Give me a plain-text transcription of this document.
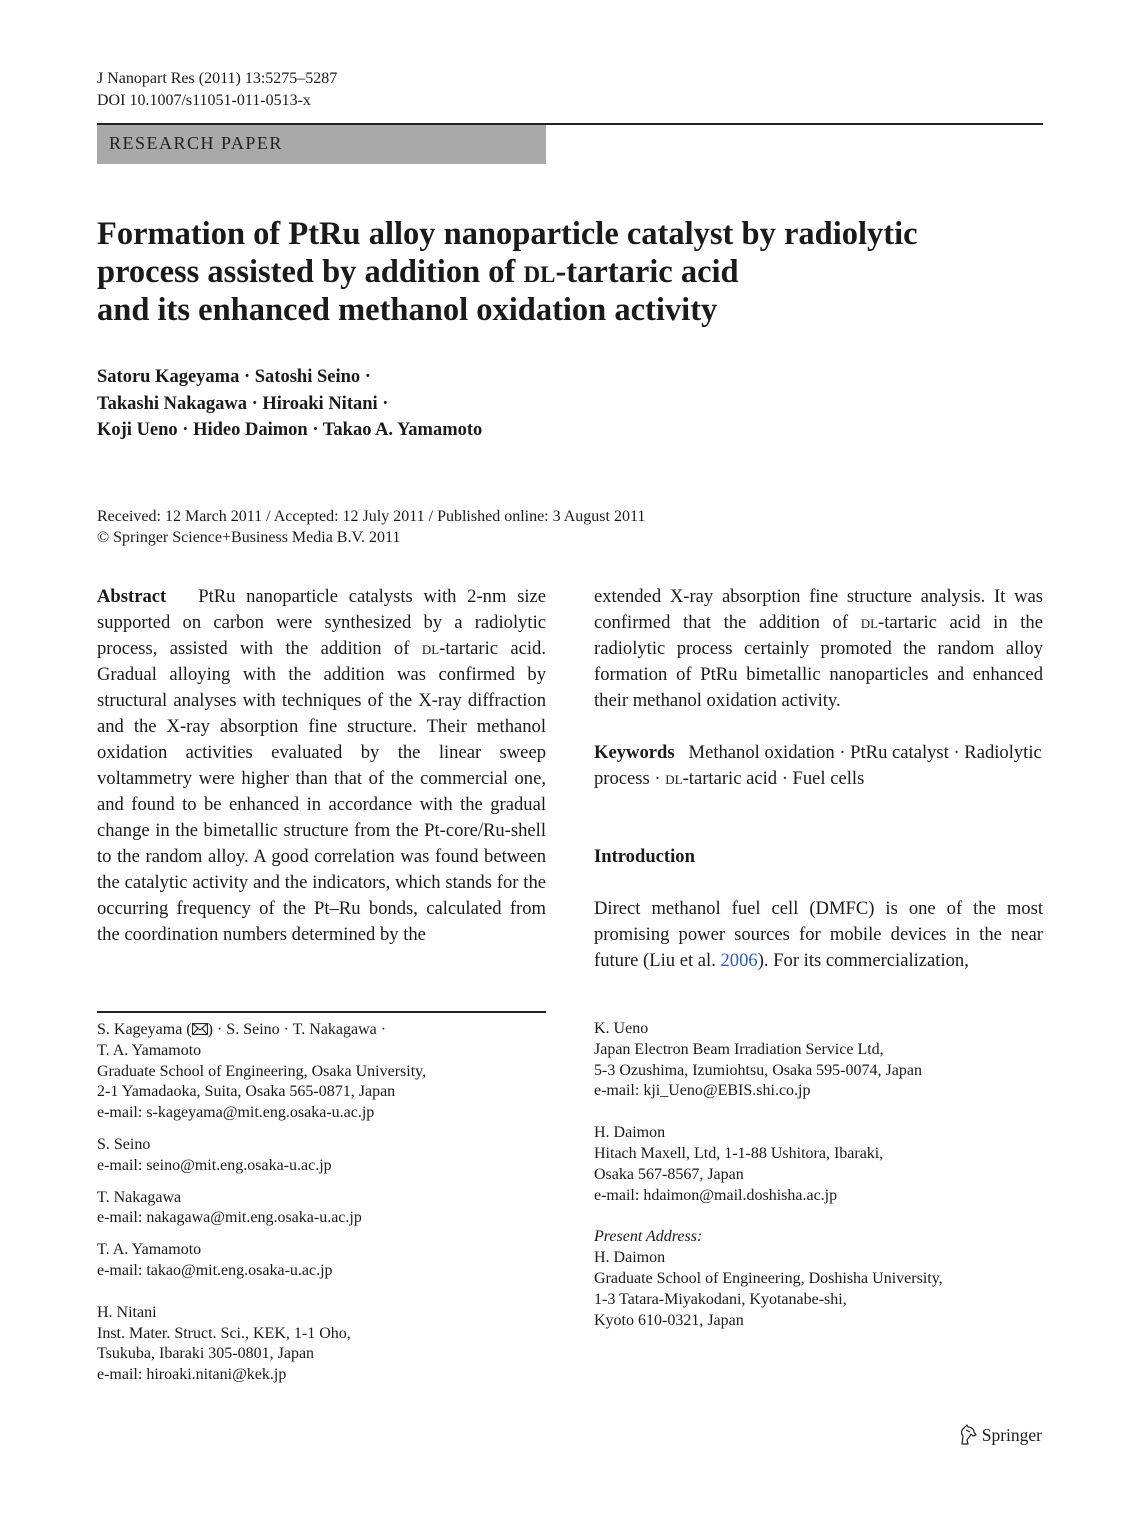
J Nanopart Res (2011) 13:5275–5287
DOI 10.1007/s11051-011-0513-x
RESEARCH PAPER
Formation of PtRu alloy nanoparticle catalyst by radiolytic
process assisted by addition of dl-tartaric acid
and its enhanced methanol oxidation activity
Satoru Kageyama · Satoshi Seino ·
Takashi Nakagawa · Hiroaki Nitani ·
Koji Ueno · Hideo Daimon · Takao A. Yamamoto
Received: 12 March 2011 / Accepted: 12 July 2011 / Published online: 3 August 2011
© Springer Science+Business Media B.V. 2011

Abstract PtRu nanoparticle catalysts with 2-nm size supported on carbon were synthesized by a radiolytic process, assisted with the addition of dl-tartaric acid. Gradual alloying with the addition was confirmed by structural analyses with techniques of the X-ray diffraction and the X-ray absorption fine structure. Their methanol oxidation activities evaluated by the linear sweep voltammetry were higher than that of the commercial one, and found to be enhanced in accordance with the gradual change in the bimetallic structure from the Pt-core/Ru-shell to the random alloy. A good correlation was found between the catalytic activity and the indicators, which stands for the occurring frequency of the Pt–Ru bonds, calculated from the coordination numbers determined by the

extended X-ray absorption fine structure analysis. It was confirmed that the addition of dl-tartaric acid in the radiolytic process certainly promoted the random alloy formation of PtRu bimetallic nanoparticles and enhanced their methanol oxidation activity.

Keywords Methanol oxidation · PtRu catalyst · Radiolytic process · dl-tartaric acid · Fuel cells

Introduction

Direct methanol fuel cell (DMFC) is one of the most promising power sources for mobile devices in the near future (Liu et al. 2006). For its commercialization,

S. Kageyama ( ) · S. Seino · T. Nakagawa ·
T. A. Yamamoto
Graduate School of Engineering, Osaka University,
2-1 Yamadaoka, Suita, Osaka 565-0871, Japan
e-mail: s-kageyama@mit.eng.osaka-u.ac.jp
S. Seino
e-mail: seino@mit.eng.osaka-u.ac.jp
T. Nakagawa
e-mail: nakagawa@mit.eng.osaka-u.ac.jp
T. A. Yamamoto
e-mail: takao@mit.eng.osaka-u.ac.jp
H. Nitani
Inst. Mater. Struct. Sci., KEK, 1-1 Oho,
Tsukuba, Ibaraki 305-0801, Japan
e-mail: hiroaki.nitani@kek.jp
K. Ueno
Japan Electron Beam Irradiation Service Ltd,
5-3 Ozushima, Izumiohtsu, Osaka 595-0074, Japan
e-mail: kji_Ueno@EBIS.shi.co.jp
H. Daimon
Hitach Maxell, Ltd, 1-1-88 Ushitora, Ibaraki,
Osaka 567-8567, Japan
e-mail: hdaimon@mail.doshisha.ac.jp
Present Address:
H. Daimon
Graduate School of Engineering, Doshisha University,
1-3 Tatara-Miyakodani, Kyotanabe-shi,
Kyoto 610-0321, Japan
Springer
